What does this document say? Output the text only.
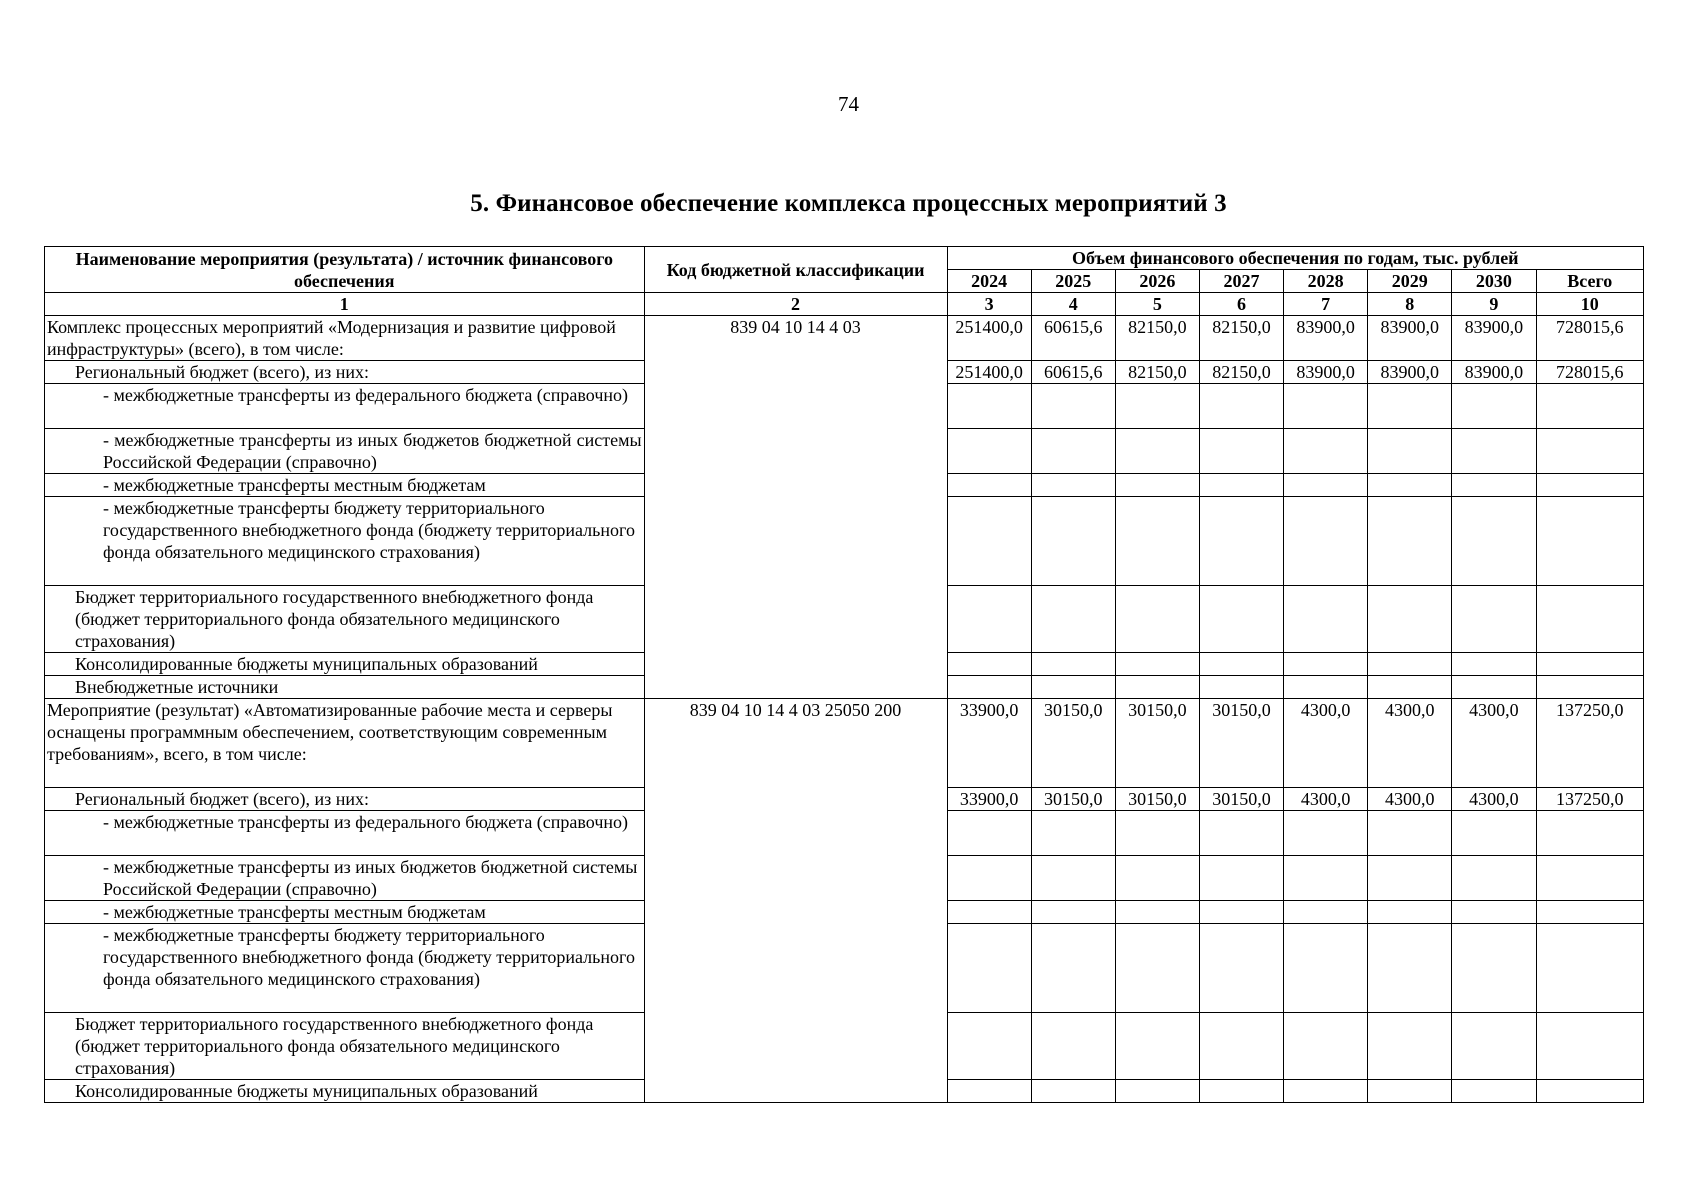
74
5. Финансовое обеспечение комплекса процессных мероприятий 3
Наименование мероприятия (результата) / источник финансового обеспечения	Код бюджетной классификации	Объем финансового обеспечения по годам, тыс. рублей							
		2024	2025	2026	2027	2028	2029	2030	Всего
1	2	3	4	5	6	7	8	9	10
Комплекс процессных мероприятий «Модернизация и развитие цифровой инфраструктуры» (всего), в том числе:	839 04 10 14 4 03	251400,0	60615,6	82150,0	82150,0	83900,0	83900,0	83900,0	728015,6
Региональный бюджет (всего), из них:		251400,0	60615,6	82150,0	82150,0	83900,0	83900,0	83900,0	728015,6
- межбюджетные трансферты из федерального бюджета (справочно)									
- межбюджетные трансферты из иных бюджетов бюджетной системы Российской Федерации (справочно)									
- межбюджетные трансферты местным бюджетам									
- межбюджетные трансферты бюджету территориального государственного внебюджетного фонда (бюджету территориального фонда обязательного медицинского страхования)									
Бюджет территориального государственного внебюджетного фонда (бюджет территориального фонда обязательного медицинского страхования)									
Консолидированные бюджеты муниципальных образований									
Внебюджетные источники									
Мероприятие (результат) «Автоматизированные рабочие места и серверы оснащены программным обеспечением, соответствующим современным требованиям», всего, в том числе:	839 04 10 14 4 03 25050 200	33900,0	30150,0	30150,0	30150,0	4300,0	4300,0	4300,0	137250,0
Региональный бюджет (всего), из них:		33900,0	30150,0	30150,0	30150,0	4300,0	4300,0	4300,0	137250,0
- межбюджетные трансферты из федерального бюджета (справочно)									
- межбюджетные трансферты из иных бюджетов бюджетной системы Российской Федерации (справочно)									
- межбюджетные трансферты местным бюджетам									
- межбюджетные трансферты бюджету территориального государственного внебюджетного фонда (бюджету территориального фонда обязательного медицинского страхования)									
Бюджет территориального государственного внебюджетного фонда (бюджет территориального фонда обязательного медицинского страхования)									
Консолидированные бюджеты муниципальных образований									
